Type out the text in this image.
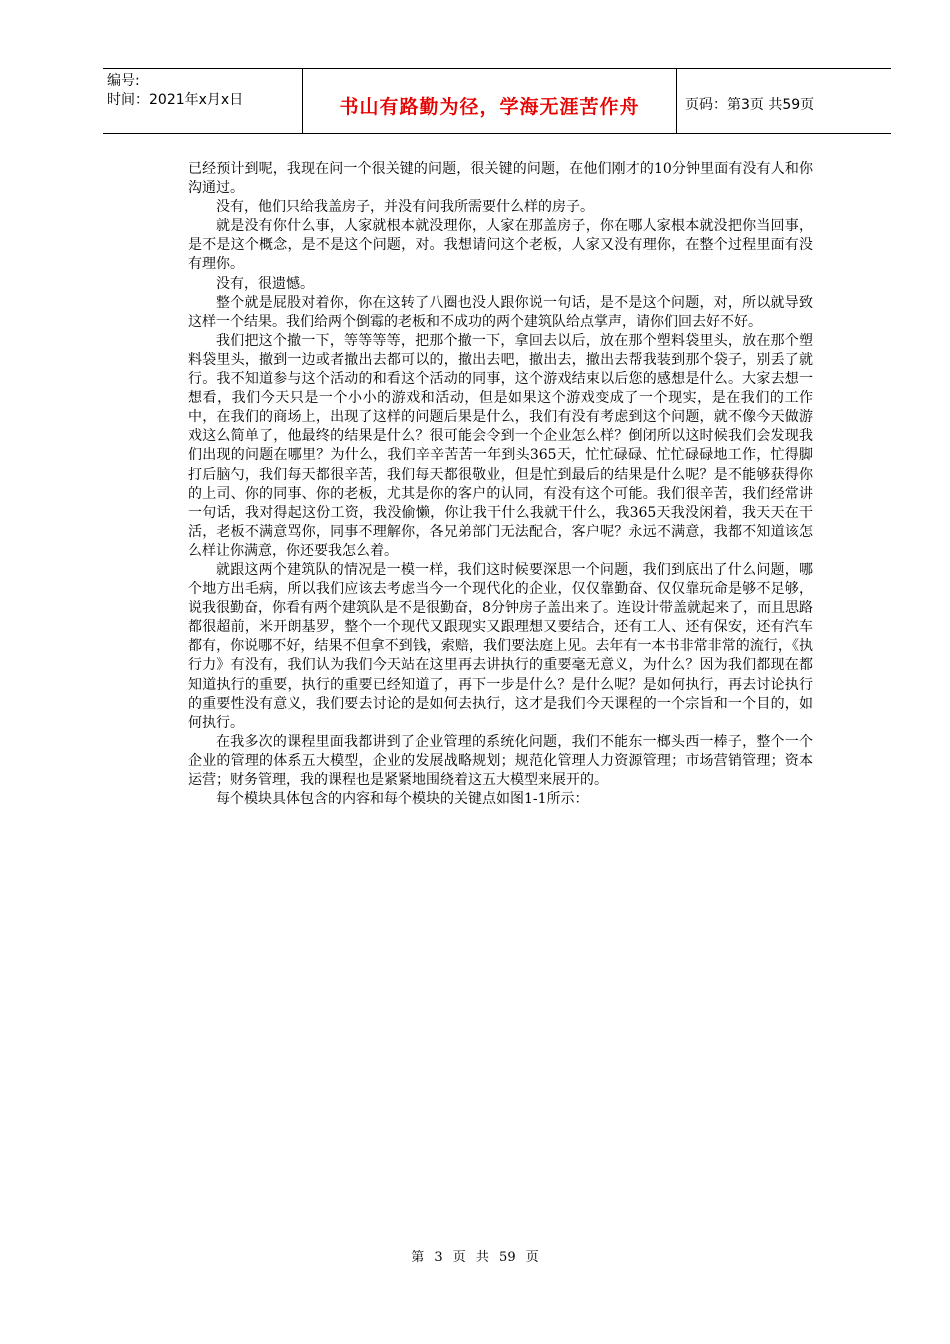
编号:
时间：2021年x月x日	书山有路勤为径，学海无涯苦作舟	页码：第3页 共59页

已经预计到呢，我现在问一个很关键的问题，很关键的问题，在他们刚才的10分钟里面有没有人和你沟通过。

没有，他们只给我盖房子，并没有问我所需要什么样的房子。

就是没有你什么事，人家就根本就没理你，人家在那盖房子，你在哪人家根本就没把你当回事，是不是这个概念，是不是这个问题，对。我想请问这个老板，人家又没有理你，在整个过程里面有没有理你。

没有，很遗憾。

整个就是屁股对着你，你在这转了八圈也没人跟你说一句话，是不是这个问题，对，所以就导致这样一个结果。我们给两个倒霉的老板和不成功的两个建筑队给点掌声，请你们回去好不好。

我们把这个撤一下，等等等等，把那个撤一下，拿回去以后，放在那个塑料袋里头，放在那个塑料袋里头，撤到一边或者撤出去都可以的，撤出去吧，撤出去，撤出去帮我装到那个袋子，别丢了就行。我不知道参与这个活动的和看这个活动的同事，这个游戏结束以后您的感想是什么。大家去想一想看，我们今天只是一个小小的游戏和活动，但是如果这个游戏变成了一个现实，是在我们的工作中，在我们的商场上，出现了这样的问题后果是什么，我们有没有考虑到这个问题，就不像今天做游戏这么简单了，他最终的结果是什么？很可能会令到一个企业怎么样？倒闭所以这时候我们会发现我们出现的问题在哪里？为什么，我们辛辛苦苦一年到头365天，忙忙碌碌、忙忙碌碌地工作，忙得脚打后脑勺，我们每天都很辛苦，我们每天都很敬业，但是忙到最后的结果是什么呢？是不能够获得你的上司、你的同事、你的老板，尤其是你的客户的认同，有没有这个可能。我们很辛苦，我们经常讲一句话，我对得起这份工资，我没偷懒，你让我干什么我就干什么，我365天我没闲着，我天天在干活，老板不满意骂你，同事不理解你，各兄弟部门无法配合，客户呢？永远不满意，我都不知道该怎么样让你满意，你还要我怎么着。

就跟这两个建筑队的情况是一模一样，我们这时候要深思一个问题，我们到底出了什么问题，哪个地方出毛病，所以我们应该去考虑当今一个现代化的企业，仅仅靠勤奋、仅仅靠玩命是够不足够，说我很勤奋，你看有两个建筑队是不是很勤奋，8分钟房子盖出来了。连设计带盖就起来了，而且思路都很超前，米开朗基罗，整个一个现代又跟现实又跟理想又要结合，还有工人、还有保安，还有汽车都有，你说哪不好，结果不但拿不到钱，索赔，我们要法庭上见。去年有一本书非常非常的流行，《执行力》有没有，我们认为我们今天站在这里再去讲执行的重要毫无意义，为什么？因为我们都现在都知道执行的重要，执行的重要已经知道了，再下一步是什么？是什么呢？是如何执行，再去讨论执行的重要性没有意义，我们要去讨论的是如何去执行，这才是我们今天课程的一个宗旨和一个目的，如何执行。

在我多次的课程里面我都讲到了企业管理的系统化问题，我们不能东一榔头西一棒子，整个一个企业的管理的体系五大模型，企业的发展战略规划；规范化管理人力资源管理；市场营销管理；资本运营；财务管理，我的课程也是紧紧地围绕着这五大模型来展开的。

每个模块具体包含的内容和每个模块的关键点如图1-1所示：

第 3 页 共 59 页
